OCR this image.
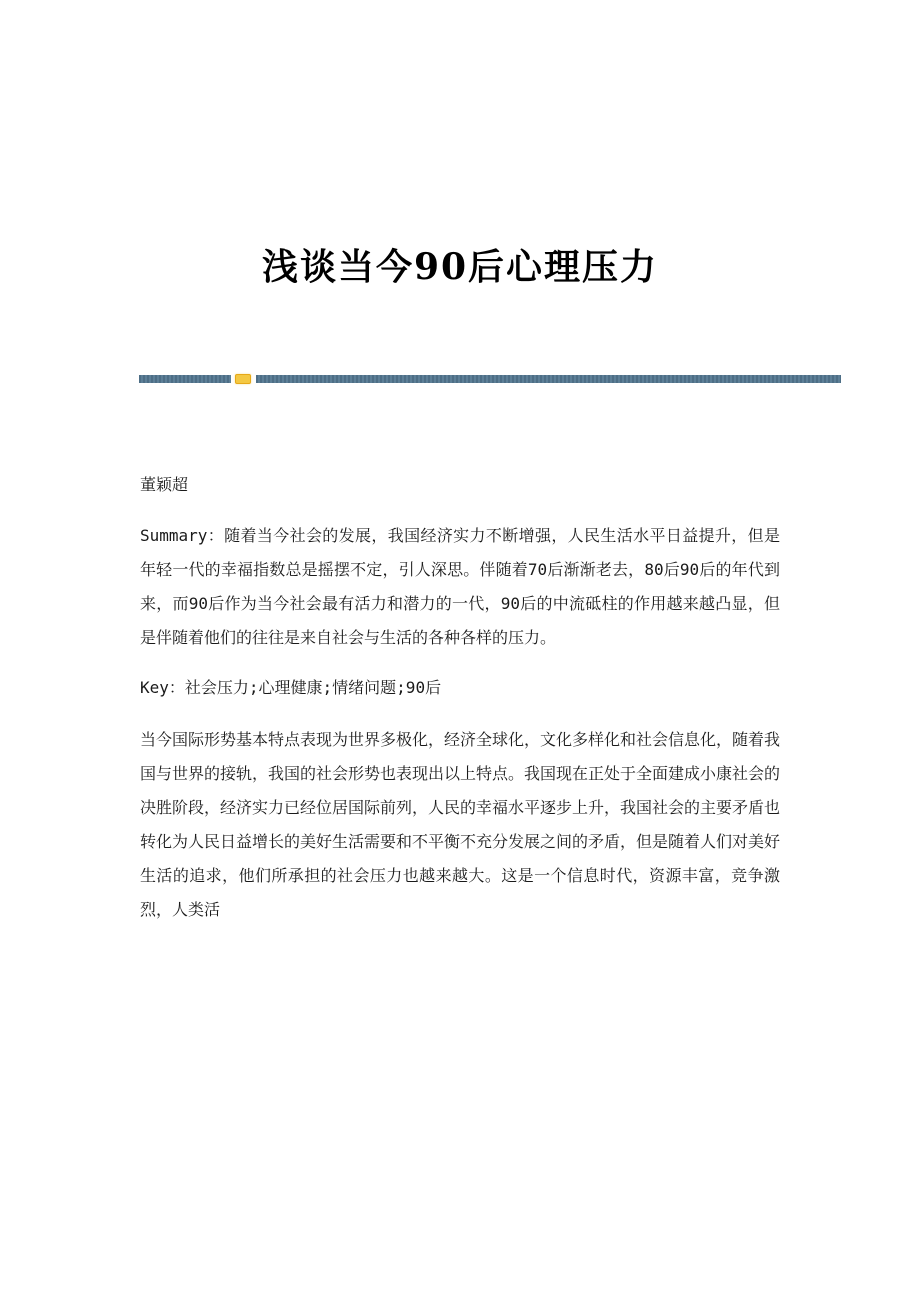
浅谈当今90后心理压力

董颖超

Summary：随着当今社会的发展，我国经济实力不断增强，人民生活水平日益提升，但是年轻一代的幸福指数总是摇摆不定，引人深思。伴随着70后渐渐老去，80后90后的年代到来，而90后作为当今社会最有活力和潜力的一代，90后的中流砥柱的作用越来越凸显，但是伴随着他们的往往是来自社会与生活的各种各样的压力。

Key：社会压力;心理健康;情绪问题;90后

当今国际形势基本特点表现为世界多极化，经济全球化，文化多样化和社会信息化，随着我国与世界的接轨，我国的社会形势也表现出以上特点。我国现在正处于全面建成小康社会的决胜阶段，经济实力已经位居国际前列，人民的幸福水平逐步上升，我国社会的主要矛盾也转化为人民日益增长的美好生活需要和不平衡不充分发展之间的矛盾，但是随着人们对美好生活的追求，他们所承担的社会压力也越来越大。这是一个信息时代，资源丰富，竞争激烈，人类活
